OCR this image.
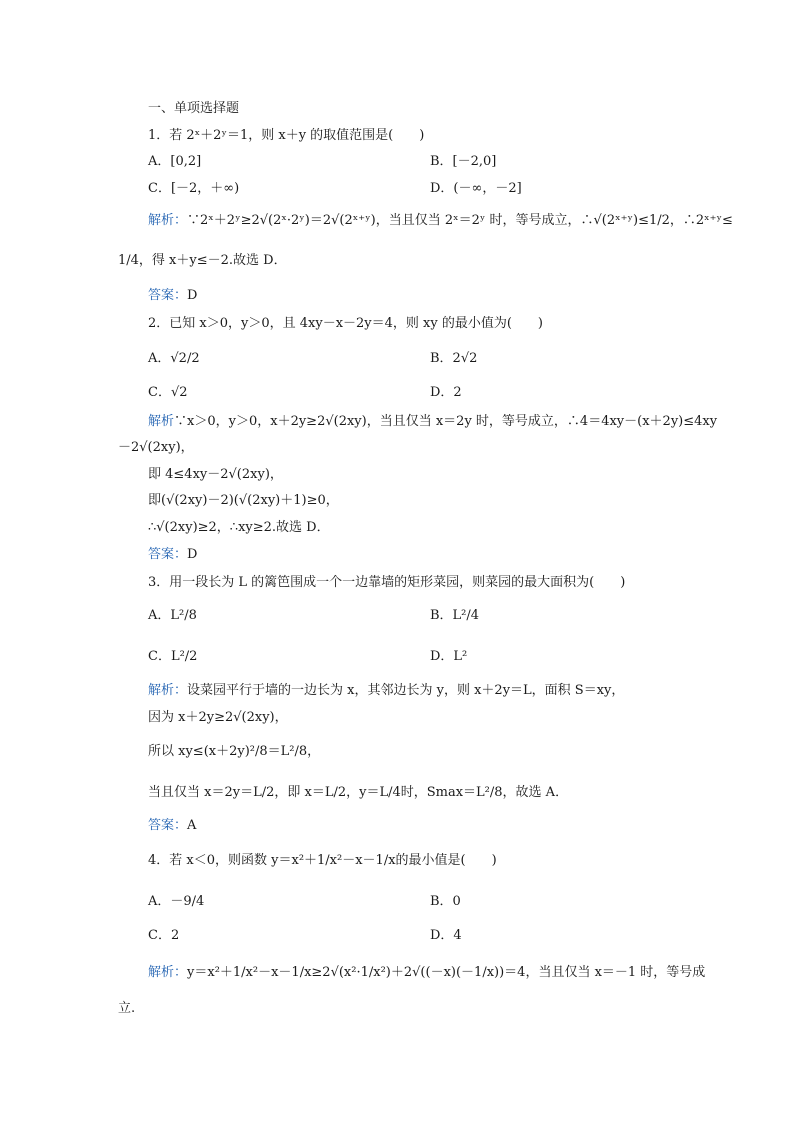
一、单项选择题
1．若 2ˣ＋2ʸ＝1，则 x＋y 的取值范围是(　　)
A．[0,2]	B．[－2,0]
C．[－2，＋∞)	D．(－∞，－2]
解析：∵2ˣ＋2ʸ≥2√(2ˣ·2ʸ)＝2√(2ˣ⁺ʸ)，当且仅当 2ˣ＝2ʸ 时，等号成立，∴√(2ˣ⁺ʸ)≤1/2，∴2ˣ⁺ʸ≤
1/4，得 x＋y≤－2.故选 D．
答案：D
2．已知 x＞0，y＞0，且 4xy－x－2y＝4，则 xy 的最小值为(　　)
A．√2/2	B．2√2
C．√2	D．2
解析∵x＞0，y＞0，x＋2y≥2√(2xy)，当且仅当 x＝2y 时，等号成立，∴4＝4xy－(x＋2y)≤4xy
－2√(2xy)，
即 4≤4xy－2√(2xy)，
即(√(2xy)－2)(√(2xy)＋1)≥0，
∴√(2xy)≥2，∴xy≥2.故选 D．
答案：D
3．用一段长为 L 的篱笆围成一个一边靠墙的矩形菜园，则菜园的最大面积为(　　)
A．L²/8	B．L²/4
C．L²/2	D．L²
解析：设菜园平行于墙的一边长为 x，其邻边长为 y，则 x＋2y＝L，面积 S＝xy，
因为 x＋2y≥2√(2xy)，
所以 xy≤(x＋2y)²/8＝L²/8，
当且仅当 x＝2y＝L/2，即 x＝L/2，y＝L/4时，Smax＝L²/8，故选 A．
答案：A
4．若 x＜0，则函数 y＝x²＋1/x²－x－1/x的最小值是(　　)
A．－9/4	B．0
C．2	D．4
解析：y＝x²＋1/x²－x－1/x≥2√(x²·1/x²)＋2√((－x)(－1/x))＝4，当且仅当 x＝－1 时，等号成
立.
